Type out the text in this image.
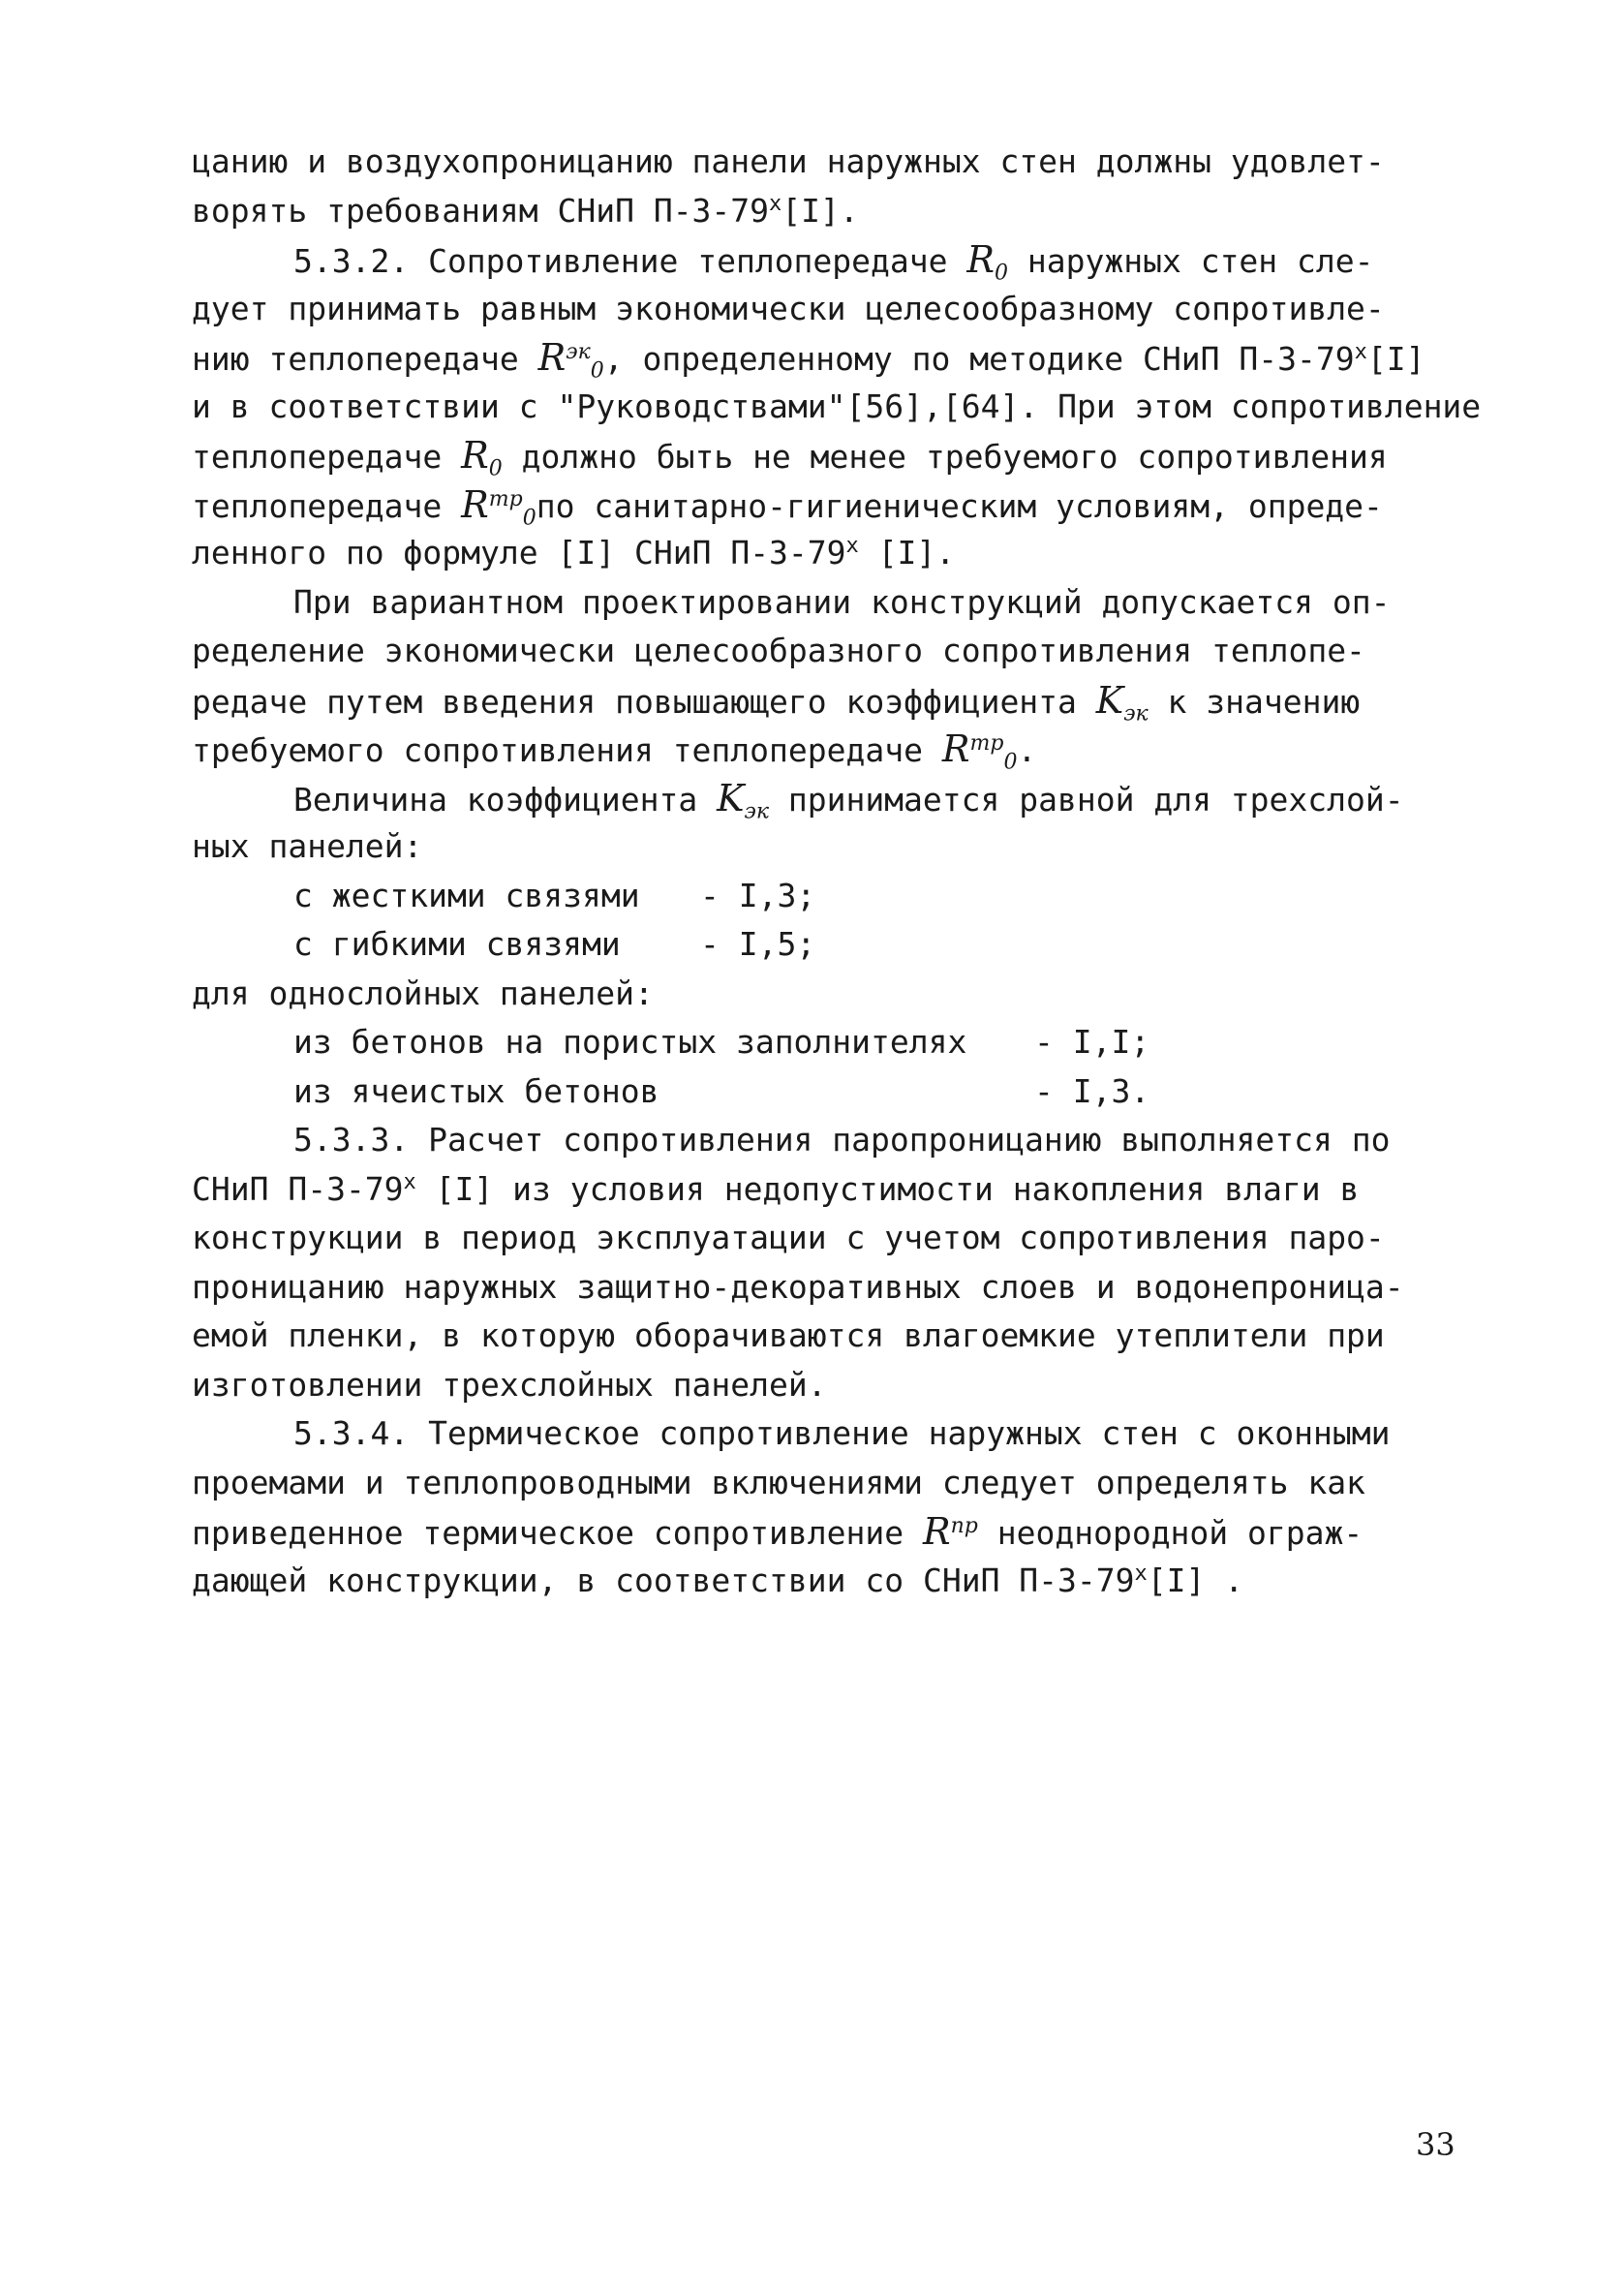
цанию и воздухопроницанию панели наружных стен должны удовлет-
ворять требованиям СНиП П-3-79$^x$[I].
5.3.2. Сопротивление теплопередаче $R_0$ наружных стен сле-
дует принимать равным экономически целесообразному сопротивле-
нию теплопередаче $R^{эк}_0$, определенному по методике СНиП П-3-79$^x$[I]
и в соответствии с "Руководствами"[56],[64]. При этом сопротивление
теплопередаче $R_0$ должно быть не менее требуемого сопротивления
теплопередаче $R^{тр}_0по$ санитарно-гигиеническим условиям, опреде-
ленного по формуле [I] СНиП П-3-79$^x$ [I].
При вариантном проектировании конструкций допускается оп-
ределение экономически целесообразного сопротивления теплопе-
редаче путем введения повышающего коэффициента $K_{эк}$ к значению
требуемого сопротивления теплопередаче $R^{тр}_0$.
Величина коэффициента $K_{эк}$ принимается равной для трехслой-
ных панелей:
с жесткими связями - I,3;
с гибкими связями - I,5;
для однослойных панелей:
из бетонов на пористых заполнителях - I,I;
из ячеистых бетонов	- I,3.
5.3.3. Расчет сопротивления паропроницанию выполняется по
СНиП П-3-79$^x$ [I] из условия недопустимости накопления влаги в
конструкции в период эксплуатации с учетом сопротивления паро-
проницанию наружных защитно-декоративных слоев и водонепроница-
емой пленки, в которую оборачиваются влагоемкие утеплители при
изготовлении трехслойных панелей.
5.3.4. Термическое сопротивление наружных стен с оконными
проемами и теплопроводными включениями следует определять как
приведенное термическое сопротивление $R^{пр}$ неоднородной ограж-
дающей конструкции, в соответствии со СНиП П-3-79$^x$[I] .
33
